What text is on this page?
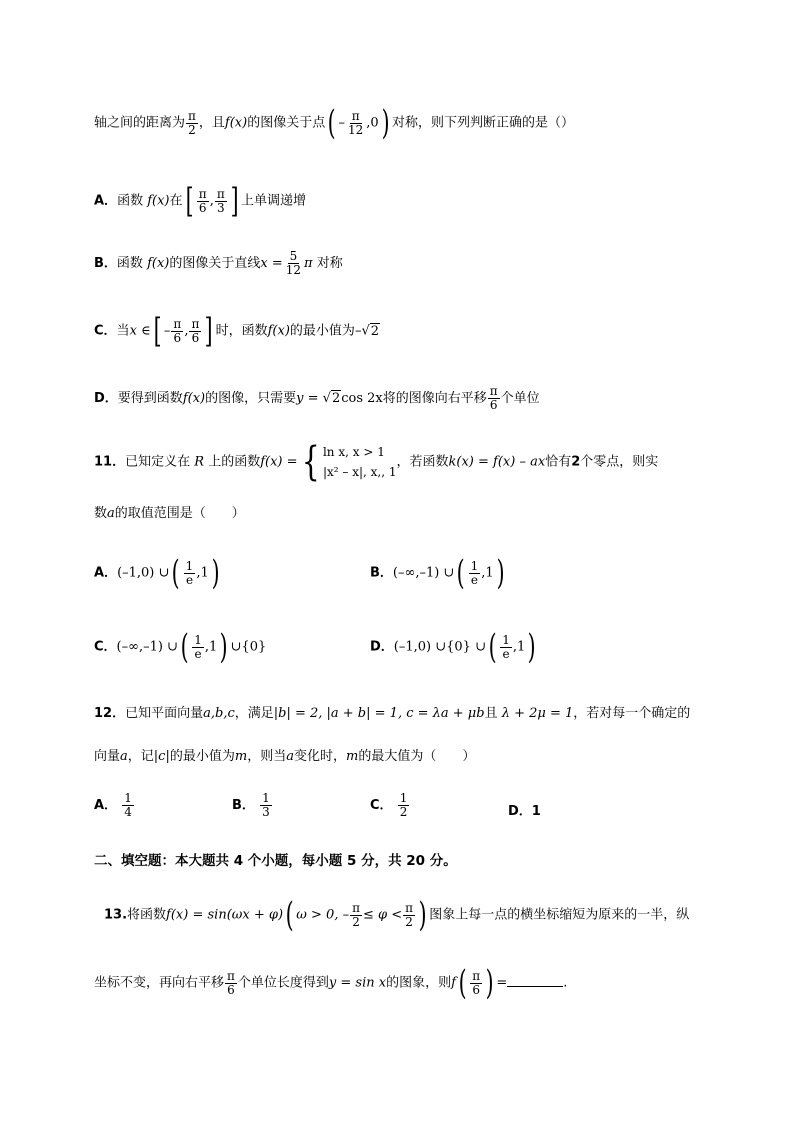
轴之间的距离为 $\frac{\pi}{2}$ ，且f(x)的图像关于点( – $\frac{\pi}{12} ,0$) 对称，则下列判断正确的是（）
A．函数 f(x)在[ $\frac{\pi}{6}$ , $\frac{\pi}{3}$ ] 上单调递增
B．函数 f(x)的图像关于直线$x = \frac{5}{12}$ π 对称
C．当x ∈[ – $\frac{\pi}{6}$ , $\frac{\pi}{6}$ ] 时，函数f(x)的最小值为–√2
D．要得到函数f(x)的图像，只需要y = √2cos 2x将的图像向右平移 $\frac{\pi}{6}$ 个单位
11．已知定义在 R 上的函数f(x) ={ ln x, x > 1
|x² – x|, x,, 1
，若函数k(x) = f(x) – ax恰有2个零点，则实
数a的取值范围是（　　）
A．(–1,0) ∪( $\frac{1}{e} ,1$)	B．(–∞,–1) ∪( $\frac{1}{e} ,1$)
C．(–∞,–1) ∪( $\frac{1}{e} ,1$) ∪{0}	D．(–1,0) ∪{0} ∪( $\frac{1}{e} ,1$)
12．已知平面向量a,b,c，满足|b| = 2, |a + b| = 1, c = λa + μb且 λ + 2μ = 1，若对每一个确定的
向量a，记|c|的最小值为m，则当a变化时，m的最大值为（　　）
A． $\frac{1}{4}$	B． $\frac{1}{3}$	C． $\frac{1}{2}$	D．1
二、填空题：本大题共 4 个小题，每小题 5 分，共 20 分。
13.将函数f(x) = sin(ωx + φ)( ω > 0, – $\frac{\pi}{2} \le \varphi < \frac{\pi}{2}$ ) 图象上每一点的横坐标缩短为原来的一半，纵
坐标不变，再向右平移 $\frac{\pi}{6}$ 个单位长度得到y = sin x的图象，则$f( \frac{\pi}{6}$ ) =	.
